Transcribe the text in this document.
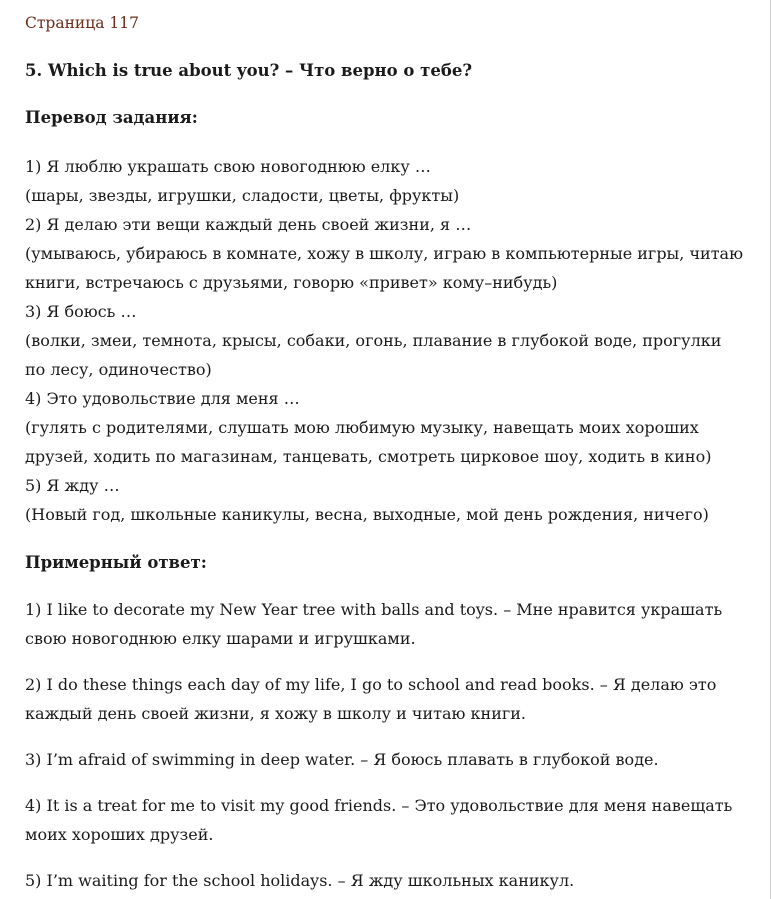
Страница 117

5. Which is true about you? – Что верно о тебе?

Перевод задания:

1) Я люблю украшать свою новогоднюю елку …

(шары, звезды, игрушки, сладости, цветы, фрукты)

2) Я делаю эти вещи каждый день своей жизни, я …

(умываюсь, убираюсь в комнате, хожу в школу, играю в компьютерные игры, читаю книги, встречаюсь с друзьями, говорю «привет» кому–нибудь)

3) Я боюсь …

(волки, змеи, темнота, крысы, собаки, огонь, плавание в глубокой воде, прогулки по лесу, одиночество)

4) Это удовольствие для меня …

(гулять с родителями, слушать мою любимую музыку, навещать моих хороших друзей, ходить по магазинам, танцевать, смотреть цирковое шоу, ходить в кино)

5) Я жду …

(Новый год, школьные каникулы, весна, выходные, мой день рождения, ничего)

Примерный ответ:

1) I like to decorate my New Year tree with balls and toys. – Мне нравится украшать свою новогоднюю елку шарами и игрушками.

2) I do these things each day of my life, I go to school and read books. – Я делаю это каждый день своей жизни, я хожу в школу и читаю книги.

3) I’m afraid of swimming in deep water. – Я боюсь плавать в глубокой воде.

4) It is a treat for me to visit my good friends. – Это удовольствие для меня навещать моих хороших друзей.

5) I’m waiting for the school holidays. – Я жду школьных каникул.
